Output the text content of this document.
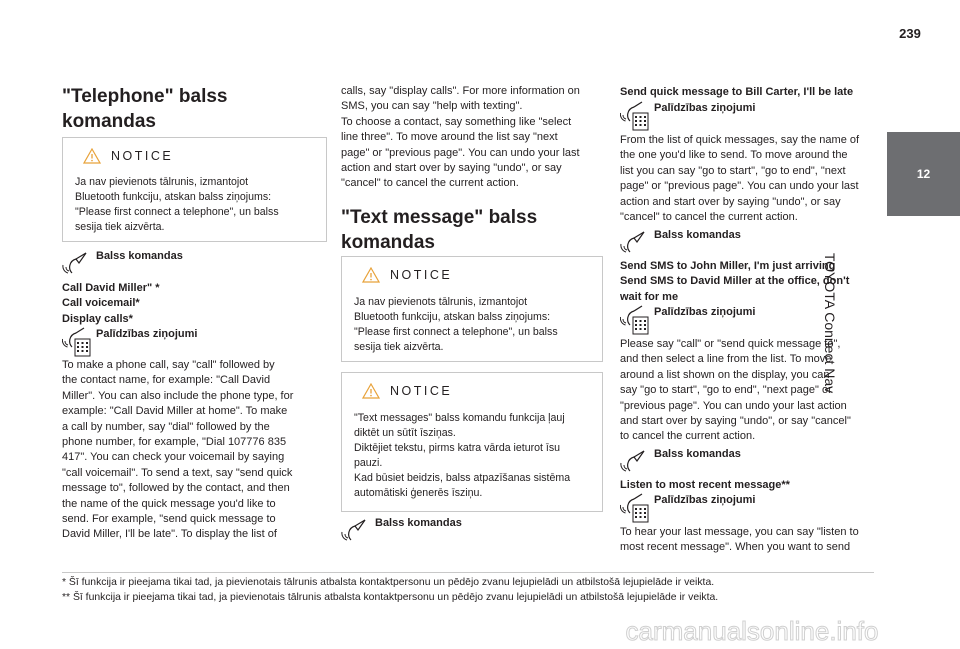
239
12
TOYOTA Connect Nav
"Telephone" balss
komandas
NOTICE
Ja nav pievienots tālrunis, izmantojot
Bluetooth funkciju, atskan balss ziņojums:
"Please first connect a telephone", un balss
sesija tiek aizvērta.
Balss komandas
Call David Miller" *
Call voicemail*
Display calls*
Palīdzības ziņojumi
To make a phone call, say "call" followed by
the contact name, for example: "Call David
Miller". You can also include the phone type, for
example: "Call David Miller at home". To make
a call by number, say "dial" followed by the
phone number, for example, "Dial 107776 835
417". You can check your voicemail by saying
"call voicemail". To send a text, say "send quick
message to", followed by the contact, and then
the name of the quick message you'd like to
send. For example, "send quick message to
David Miller, I'll be late". To display the list of
calls, say "display calls". For more information on
SMS, you can say "help with texting".
To choose a contact, say something like "select
line three". To move around the list say "next
page" or "previous page". You can undo your last
action and start over by saying "undo", or say
"cancel" to cancel the current action.
"Text message" balss
komandas
NOTICE
Ja nav pievienots tālrunis, izmantojot
Bluetooth funkciju, atskan balss ziņojums:
"Please first connect a telephone", un balss
sesija tiek aizvērta.
NOTICE
"Text messages" balss komandu funkcija ļauj
diktēt un sūtīt īsziņas.
Diktējiet tekstu, pirms katra vārda ieturot īsu
pauzi.
Kad būsiet beidzis, balss atpazīšanas sistēma
automātiski ģenerēs īsziņu.
Balss komandas
Send quick message to Bill Carter, I'll be late
Palīdzības ziņojumi
From the list of quick messages, say the name of
the one you'd like to send. To move around the
list you can say "go to start", "go to end", "next
page" or "previous page". You can undo your last
action and start over by saying "undo", or say
"cancel" to cancel the current action.
Balss komandas
Send SMS to John Miller, I'm just arriving
Send SMS to David Miller at the office, don't
wait for me
Palīdzības ziņojumi
Please say "call" or "send quick message to",
and then select a line from the list. To move
around a list shown on the display, you can
say "go to start", "go to end", "next page" or
"previous page". You can undo your last action
and start over by saying "undo", or say "cancel"
to cancel the current action.
Balss komandas
Listen to most recent message**
Palīdzības ziņojumi
To hear your last message, you can say "listen to
most recent message". When you want to send
* Šī funkcija ir pieejama tikai tad, ja pievienotais tālrunis atbalsta kontaktpersonu un pēdējo zvanu lejupielādi un atbilstošā lejupielāde ir veikta.
** Šī funkcija ir pieejama tikai tad, ja pievienotais tālrunis atbalsta kontaktpersonu un pēdējo zvanu lejupielādi un atbilstošā lejupielāde ir veikta.
carmanualsonline.info
